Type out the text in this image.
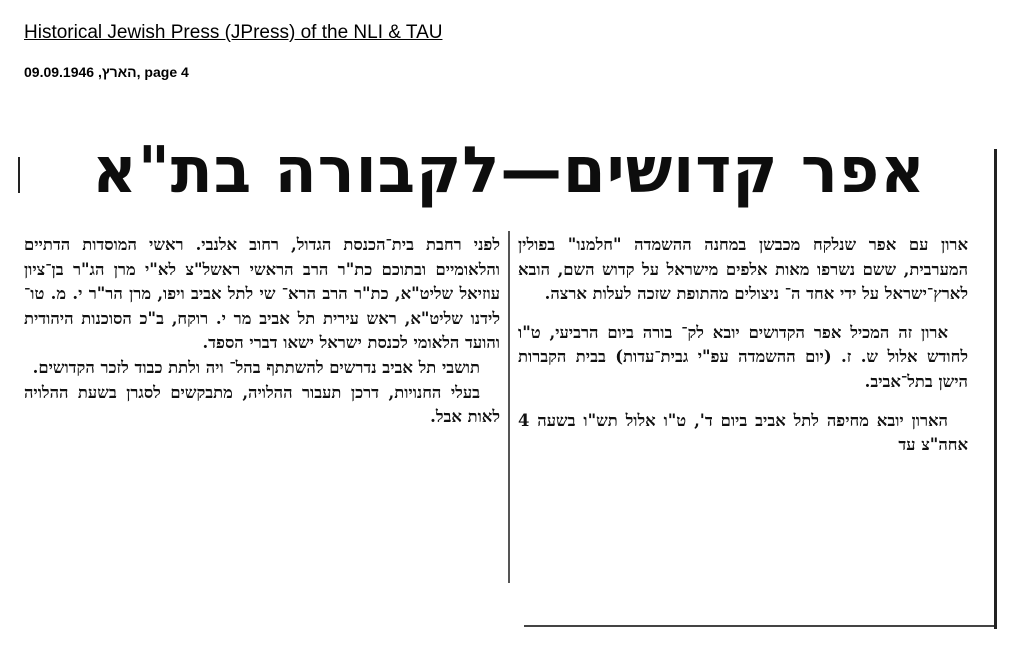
Historical Jewish Press (JPress) of the NLI & TAU
הארץ, 09.09.1946, page 4
אפר קדושים—לקבורה בת"א

ארון עם אפר שנלקח מכבשן במחנה ההשמדה "חלמנו" בפולין המערבית, ששם נשרפו מאות אלפים מישראל על קדוש השם, הובא לארץ־ישראל על ידי אחד ה־ ניצולים מהתופת שזכה לעלות ארצה.

ארון זה המכיל אפר הקדושים יובא לק־ בורה ביום הרביעי, ט"ו לחודש אלול ש. ז. (יום ההשמדה עפ"י גבית־עדות) בבית הקברות הישן בתל־אביב.

הארון יובא מחיפה לתל אביב ביום ד', ט"ו אלול תש"ו בשעה 4 אחה"צ עד

לפני רחבת בית־הכנסת הגדול, רחוב אלנבי. ראשי המוסדות הדתיים והלאומיים ובתוכם כת"ר הרב הראשי ראשל"צ לא"י מרן הג"ר בן־ציון עוזיאל שליט"א, כת"ר הרב הרא־ שי לתל אביב ויפו, מרן הר"ר י. מ. טו־ לידנו שליט"א, ראש עירית תל אביב מר י. רוקח, ב"כ הסוכנות היהודית והועד הלאומי לכנסת ישראל ישאו דברי הספד.

תושבי תל אביב נדרשים להשתתף בהל־ ויה ולתת כבוד לזכר הקדושים.

בעלי החנויות, דרכן תעבור ההלויה, מתבקשים לסגרן בשעת ההלויה לאות אבל.
